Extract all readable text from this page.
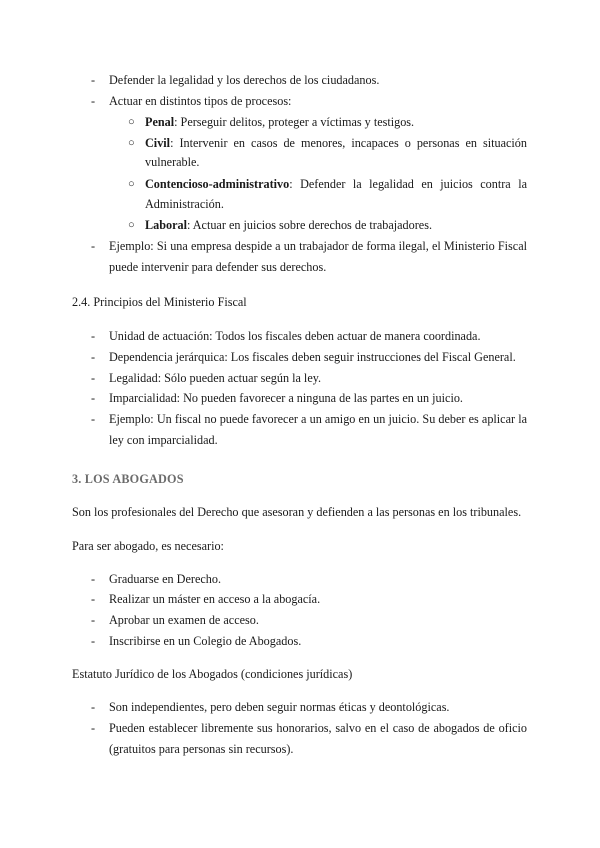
- Defender la legalidad y los derechos de los ciudadanos.
- Actuar en distintos tipos de procesos:
○ Penal: Perseguir delitos, proteger a víctimas y testigos.
○ Civil: Intervenir en casos de menores, incapaces o personas en situación
vulnerable.
○ Contencioso-administrativo: Defender la legalidad en juicios contra la
Administración.
○ Laboral: Actuar en juicios sobre derechos de trabajadores.
- Ejemplo: Si una empresa despide a un trabajador de forma ilegal, el Ministerio Fiscal
puede intervenir para defender sus derechos.
2.4. Principios del Ministerio Fiscal
- Unidad de actuación: Todos los fiscales deben actuar de manera coordinada.
- Dependencia jerárquica: Los fiscales deben seguir instrucciones del Fiscal General.
- Legalidad: Sólo pueden actuar según la ley.
- Imparcialidad: No pueden favorecer a ninguna de las partes en un juicio.
- Ejemplo: Un fiscal no puede favorecer a un amigo en un juicio. Su deber es aplicar la
ley con imparcialidad.
3. LOS ABOGADOS
Son los profesionales del Derecho que asesoran y defienden a las personas en los tribunales.
Para ser abogado, es necesario:
- Graduarse en Derecho.
- Realizar un máster en acceso a la abogacía.
- Aprobar un examen de acceso.
- Inscribirse en un Colegio de Abogados.
Estatuto Jurídico de los Abogados (condiciones jurídicas)
- Son independientes, pero deben seguir normas éticas y deontológicas.
- Pueden establecer libremente sus honorarios, salvo en el caso de abogados de oficio
(gratuitos para personas sin recursos).
